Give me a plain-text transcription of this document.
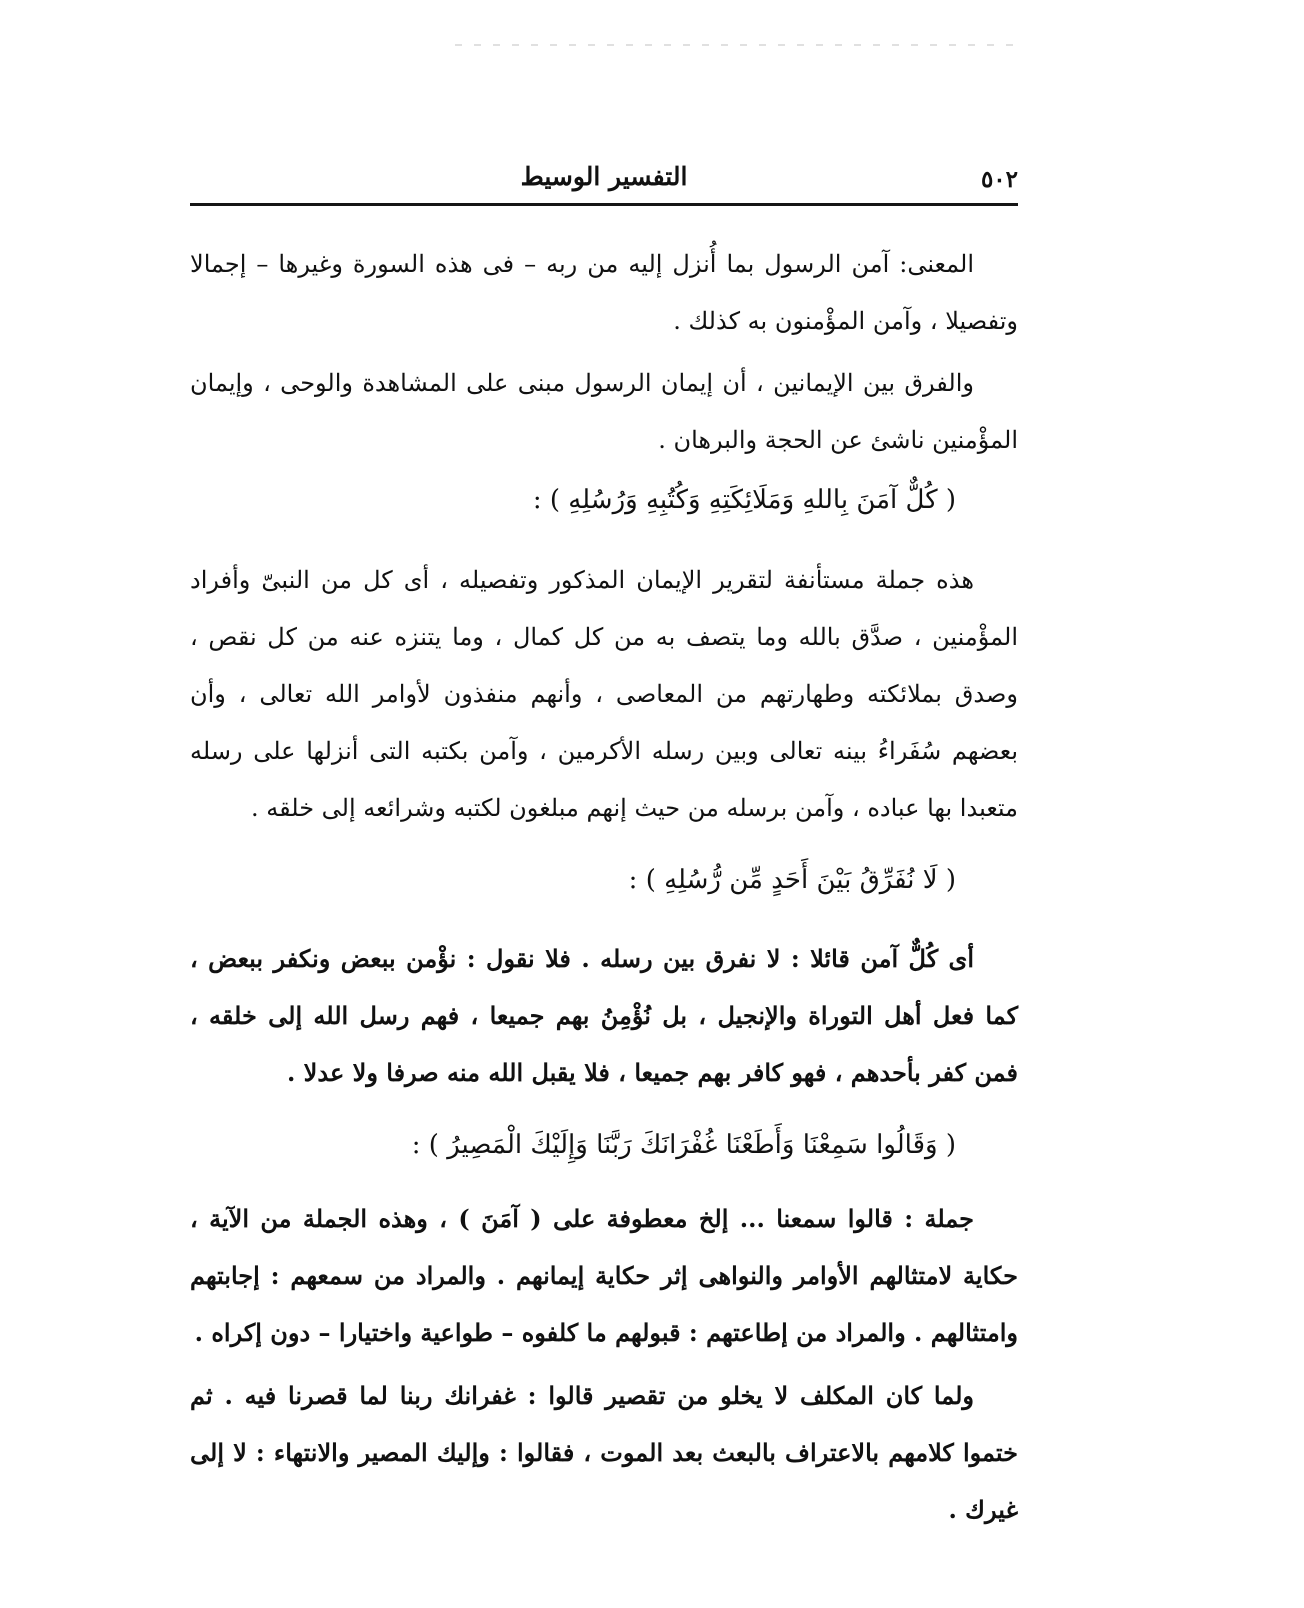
٥٠٢
التفسير الوسيط

المعنى: آمن الرسول بما أُنزل إليه من ربه – فى هذه السورة وغيرها – إجمالا وتفصيلا ، وآمن المؤْمنون به كذلك .

والفرق بين الإيمانين ، أن إيمان الرسول مبنى على المشاهدة والوحى ، وإيمان المؤْمنين ناشئ عن الحجة والبرهان .

( كُلٌّ آمَنَ بِاللهِ وَمَلَائِكَتِهِ وَكُتُبِهِ وَرُسُلِهِ ) :

هذه جملة مستأنفة لتقرير الإيمان المذكور وتفصيله ، أى كل من النبىّ وأفراد المؤْمنين ، صدَّق بالله وما يتصف به من كل كمال ، وما يتنزه عنه من كل نقص ، وصدق بملائكته وطهارتهم من المعاصى ، وأنهم منفذون لأوامر الله تعالى ، وأن بعضهم سُفَراءُ بينه تعالى وبين رسله الأكرمين ، وآمن بكتبه التى أنزلها على رسله متعبدا بها عباده ، وآمن برسله من حيث إنهم مبلغون لكتبه وشرائعه إلى خلقه .

( لَا نُفَرِّقُ بَيْنَ أَحَدٍ مِّن رُّسُلِهِ ) :

أى كُلٌّ آمن قائلا : لا نفرق بين رسله . فلا نقول : نؤْمن ببعض ونكفر ببعض ، كما فعل أهل التوراة والإنجيل ، بل نُؤْمِنُ بهم جميعا ، فهم رسل الله إلى خلقه ، فمن كفر بأحدهم ، فهو كافر بهم جميعا ، فلا يقبل الله منه صرفا ولا عدلا .

( وَقَالُوا سَمِعْنَا وَأَطَعْنَا غُفْرَانَكَ رَبَّنَا وَإِلَيْكَ الْمَصِيرُ ) :

جملة : قالوا سمعنا ... إلخ معطوفة على ( آمَنَ ) ، وهذه الجملة من الآية ، حكاية لامتثالهم الأوامر والنواهى إثر حكاية إيمانهم . والمراد من سمعهم : إجابتهم وامتثالهم . والمراد من إطاعتهم : قبولهم ما كلفوه – طواعية واختيارا – دون إكراه .

ولما كان المكلف لا يخلو من تقصير قالوا : غفرانك ربنا لما قصرنا فيه . ثم ختموا كلامهم بالاعتراف بالبعث بعد الموت ، فقالوا : وإليك المصير والانتهاء : لا إلى غيرك .
